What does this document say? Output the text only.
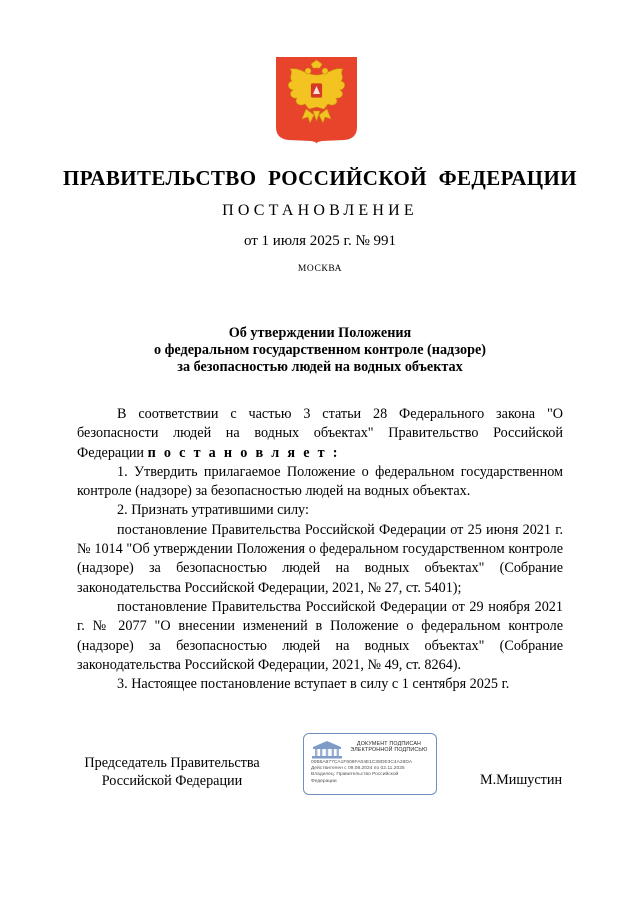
ПРАВИТЕЛЬСТВО РОССИЙСКОЙ ФЕДЕРАЦИИ
ПОСТАНОВЛЕНИЕ
от 1 июля 2025 г. № 991
МОСКВА
Об утверждении Положения
о федеральном государственном контроле (надзоре)
за безопасностью людей на водных объектах

В соответствии с частью 3 статьи 28 Федерального закона "О безопасности людей на водных объектах" Правительство Российской Федерации п о с т а н о в л я е т :

1. Утвердить прилагаемое Положение о федеральном государственном контроле (надзоре) за безопасностью людей на водных объектах.

2. Признать утратившими силу:

постановление Правительства Российской Федерации от 25 июня 2021 г. № 1014 "Об утверждении Положения о федеральном государственном контроле (надзоре) за безопасностью людей на водных объектах" (Собрание законодательства Российской Федерации, 2021, № 27, ст. 5401);

постановление Правительства Российской Федерации от 29 ноября 2021 г. № 2077 "О внесении изменений в Положение о федеральном контроле (надзоре) за безопасностью людей на водных объектах" (Собрание законодательства Российской Федерации, 2021, № 49, ст. 8264).

3. Настоящее постановление вступает в силу с 1 сентября 2025 г.

Председатель Правительства
Российской Федерации
ДОКУМЕНТ ПОДПИСАН
ЭЛЕКТРОННОЙ ПОДПИСЬЮ
00B5A877CA1F608FA04E1C38DE3C4A28DA
Действителен с 09.08.2024 по 02.11.2025
Владелец: Правительство Российской
Федерации	М.Мишустин
